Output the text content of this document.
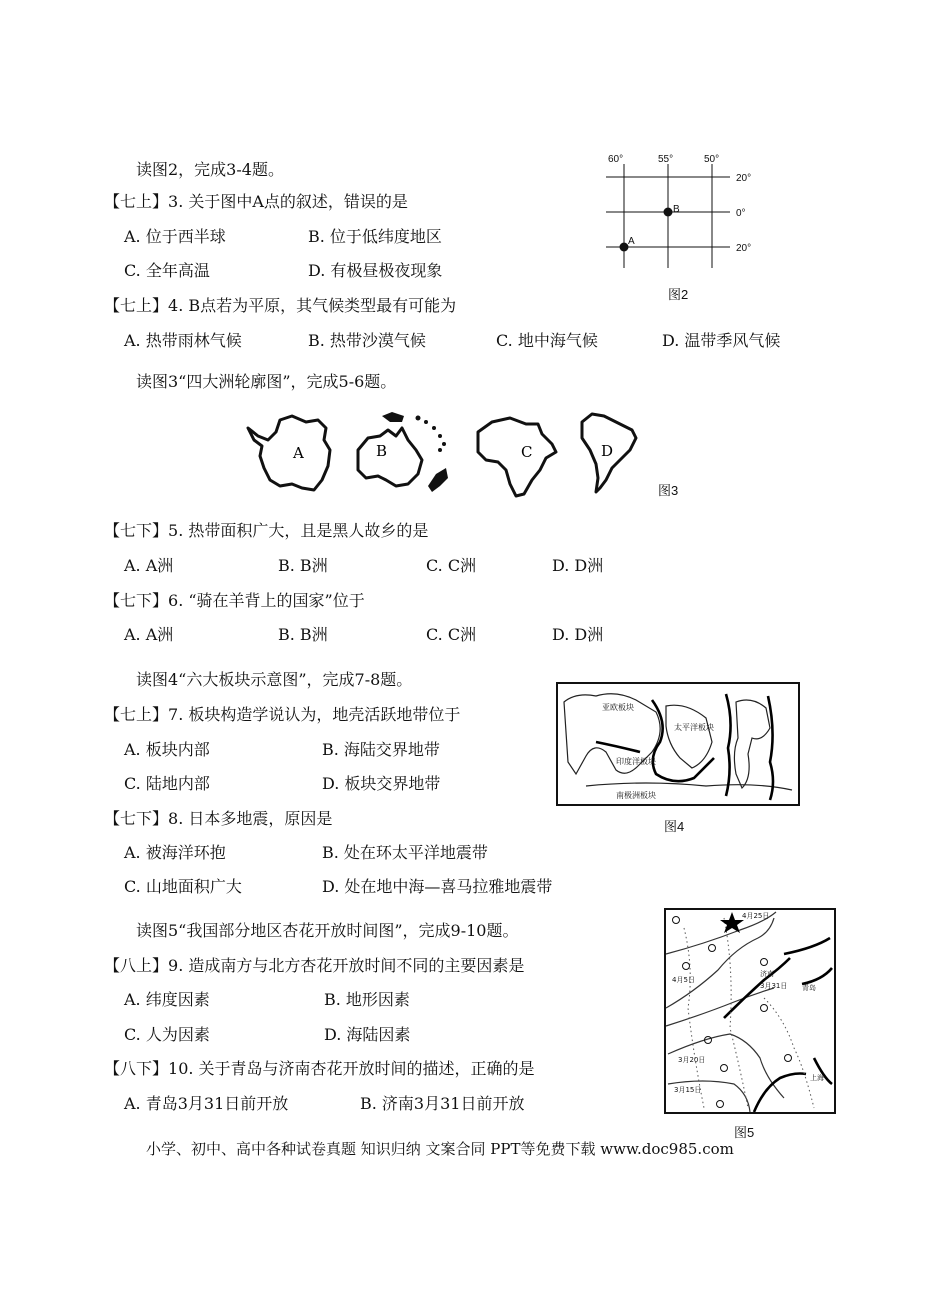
读图2，完成3-4题。
【七上】3. 关于图中A点的叙述，错误的是
A. 位于西半球	B. 位于低纬度地区
C. 全年高温	D. 有极昼极夜现象
【七上】4. B点若为平原，其气候类型最有可能为
A. 热带雨林气候	B. 热带沙漠气候	C. 地中海气候	D. 温带季风气候
60°	55°	50°
20°
0°
20°
B
A
图2
读图3“四大洲轮廓图”，完成5-6题。
A	B	C	D
图3
【七下】5. 热带面积广大，且是黑人故乡的是
A. A洲	B. B洲	C. C洲	D. D洲
【七下】6. “骑在羊背上的国家”位于
A. A洲	B. B洲	C. C洲	D. D洲
读图4“六大板块示意图”，完成7-8题。
【七上】7. 板块构造学说认为，地壳活跃地带位于
A. 板块内部	B. 海陆交界地带
C. 陆地内部	D. 板块交界地带
【七下】8. 日本多地震，原因是
A. 被海洋环抱	B. 处在环太平洋地震带
C. 山地面积广大	D. 处在地中海—喜马拉雅地震带
亚欧板块
太平洋板块
印度洋板块
南极洲板块
图4
读图5“我国部分地区杏花开放时间图”，完成9-10题。
【八上】9. 造成南方与北方杏花开放时间不同的主要因素是
A. 纬度因素	B. 地形因素
C. 人为因素	D. 海陆因素
【八下】10. 关于青岛与济南杏花开放时间的描述，正确的是
A. 青岛3月31日前开放	B. 济南3月31日前开放
4月25日
4月5日
3月31日
济南
青岛
3月20日
3月15日
上海
图5
小学、初中、高中各种试卷真题 知识归纳 文案合同 PPT等免费下载 www.doc985.com
